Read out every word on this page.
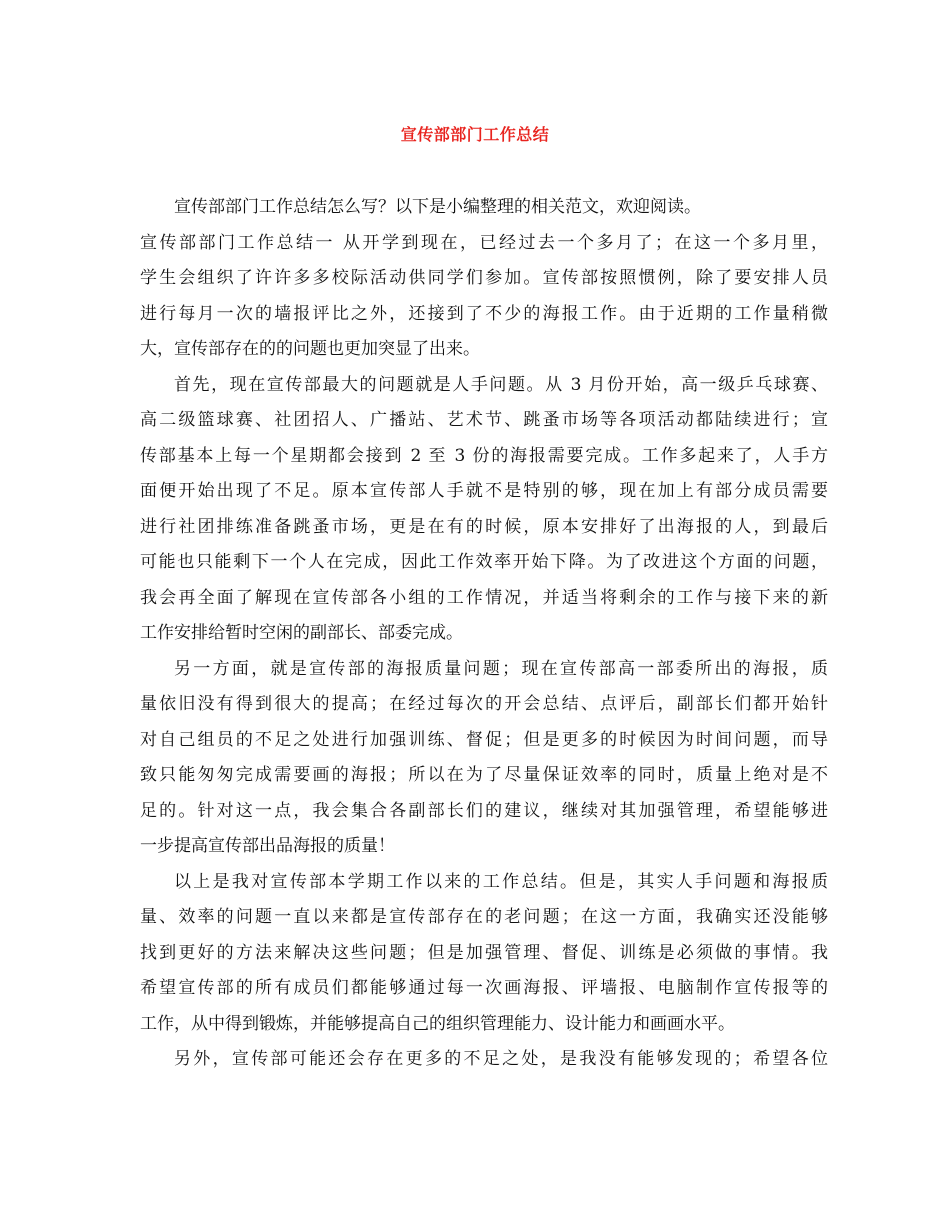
宣传部部门工作总结
宣传部部门工作总结怎么写？以下是小编整理的相关范文，欢迎阅读。
宣传部部门工作总结一 从开学到现在，已经过去一个多月了；在这一个多月里，
学生会组织了许许多多校际活动供同学们参加。宣传部按照惯例，除了要安排人员
进行每月一次的墙报评比之外，还接到了不少的海报工作。由于近期的工作量稍微
大，宣传部存在的的问题也更加突显了出来。
首先，现在宣传部最大的问题就是人手问题。从 3 月份开始，高一级乒乓球赛、
高二级篮球赛、社团招人、广播站、艺术节、跳蚤市场等各项活动都陆续进行；宣
传部基本上每一个星期都会接到 2 至 3 份的海报需要完成。工作多起来了，人手方
面便开始出现了不足。原本宣传部人手就不是特别的够，现在加上有部分成员需要
进行社团排练准备跳蚤市场，更是在有的时候，原本安排好了出海报的人，到最后
可能也只能剩下一个人在完成，因此工作效率开始下降。为了改进这个方面的问题，
我会再全面了解现在宣传部各小组的工作情况，并适当将剩余的工作与接下来的新
工作安排给暂时空闲的副部长、部委完成。
另一方面，就是宣传部的海报质量问题；现在宣传部高一部委所出的海报，质
量依旧没有得到很大的提高；在经过每次的开会总结、点评后，副部长们都开始针
对自己组员的不足之处进行加强训练、督促；但是更多的时候因为时间问题，而导
致只能匆匆完成需要画的海报；所以在为了尽量保证效率的同时，质量上绝对是不
足的。针对这一点，我会集合各副部长们的建议，继续对其加强管理，希望能够进
一步提高宣传部出品海报的质量！
以上是我对宣传部本学期工作以来的工作总结。但是，其实人手问题和海报质
量、效率的问题一直以来都是宣传部存在的老问题；在这一方面，我确实还没能够
找到更好的方法来解决这些问题；但是加强管理、督促、训练是必须做的事情。我
希望宣传部的所有成员们都能够通过每一次画海报、评墙报、电脑制作宣传报等的
工作，从中得到锻炼，并能够提高自己的组织管理能力、设计能力和画画水平。
另外，宣传部可能还会存在更多的不足之处，是我没有能够发现的；希望各位
